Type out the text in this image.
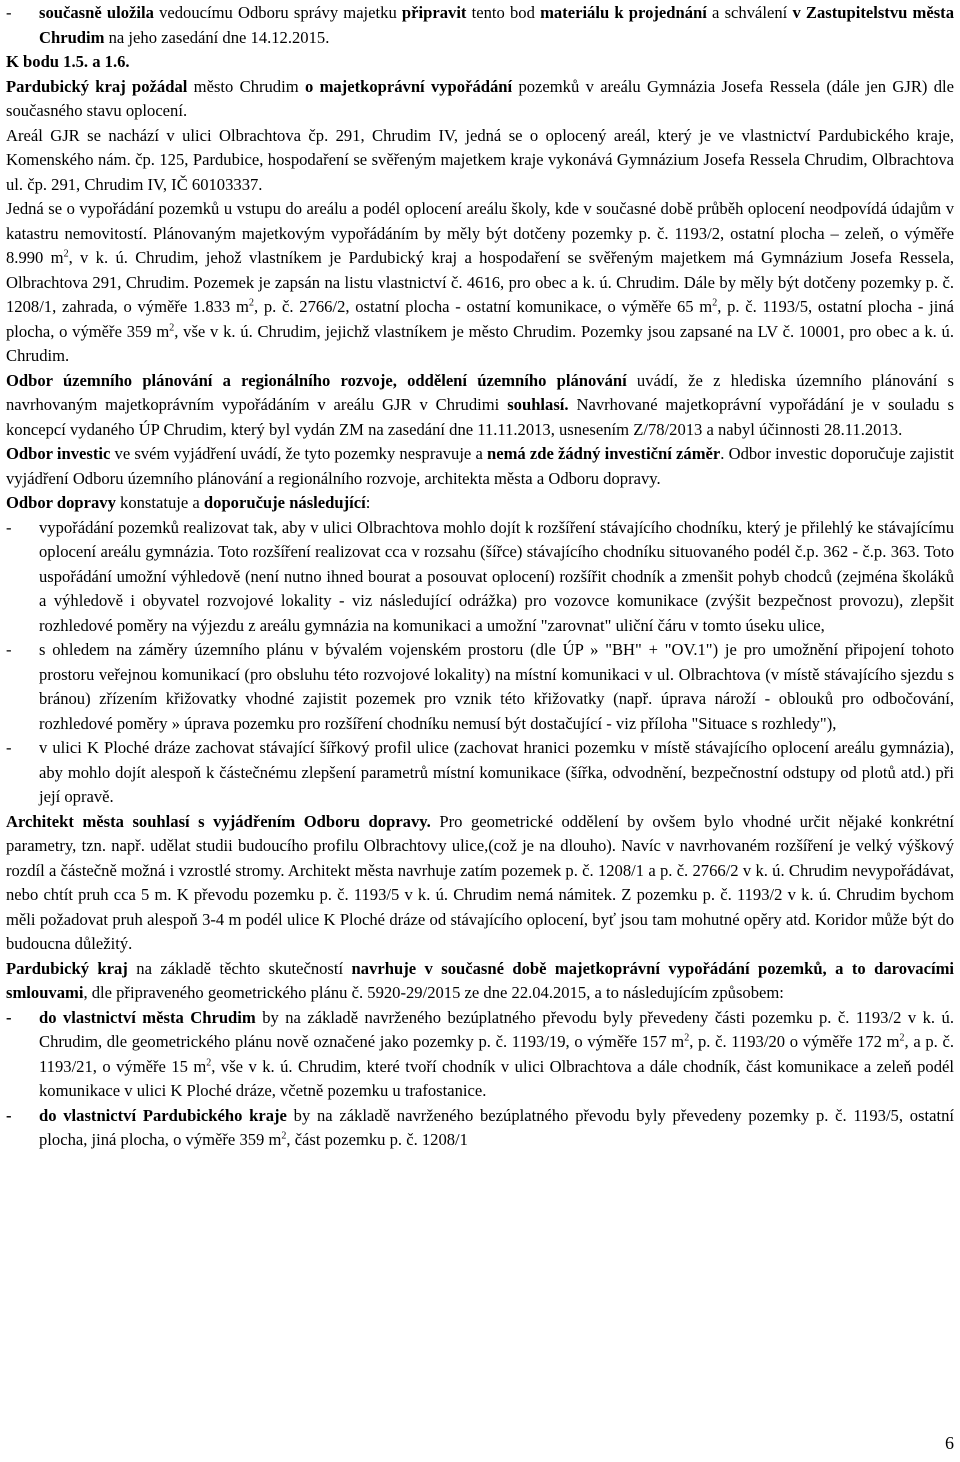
- současně uložila vedoucímu Odboru správy majetku připravit tento bod materiálu k projednání a schválení v Zastupitelstvu města Chrudim na jeho zasedání dne 14.12.2015.

K bodu 1.5. a 1.6.

Pardubický kraj požádal město Chrudim o majetkoprávní vypořádání pozemků v areálu Gymnázia Josefa Ressela (dále jen GJR) dle současného stavu oplocení.

Areál GJR se nachází v ulici Olbrachtova čp. 291, Chrudim IV, jedná se o oplocený areál, který je ve vlastnictví Pardubického kraje, Komenského nám. čp. 125, Pardubice, hospodaření se svěřeným majetkem kraje vykonává Gymnázium Josefa Ressela Chrudim, Olbrachtova ul. čp. 291, Chrudim IV, IČ 60103337.

Jedná se o vypořádání pozemků u vstupu do areálu a podél oplocení areálu školy, kde v současné době průběh oplocení neodpovídá údajům v katastru nemovitostí. Plánovaným majetkovým vypořádáním by měly být dotčeny pozemky p. č. 1193/2, ostatní plocha – zeleň, o výměře 8.990 $m^2$, v k. ú. Chrudim, jehož vlastníkem je Pardubický kraj a hospodaření se svěřeným majetkem má Gymnázium Josefa Ressela, Olbrachtova 291, Chrudim. Pozemek je zapsán na listu vlastnictví č. 4616, pro obec a k. ú. Chrudim. Dále by měly být dotčeny pozemky p. č. 1208/1, zahrada, o výměře 1.833 $m^2$, p. č. 2766/2, ostatní plocha - ostatní komunikace, o výměře 65 $m^2$, p. č. 1193/5, ostatní plocha - jiná plocha, o výměře 359 $m^2$, vše v k. ú. Chrudim, jejichž vlastníkem je město Chrudim. Pozemky jsou zapsané na LV č. 10001, pro obec a k. ú. Chrudim.

Odbor územního plánování a regionálního rozvoje, oddělení územního plánování uvádí, že z hlediska územního plánování s navrhovaným majetkoprávním vypořádáním v areálu GJR v Chrudimi souhlasí. Navrhované majetkoprávní vypořádání je v souladu s koncepcí vydaného ÚP Chrudim, který byl vydán ZM na zasedání dne 11.11.2013, usnesením Z/78/2013 a nabyl účinnosti 28.11.2013.

Odbor investic ve svém vyjádření uvádí, že tyto pozemky nespravuje a nemá zde žádný investiční záměr. Odbor investic doporučuje zajistit vyjádření Odboru územního plánování a regionálního rozvoje, architekta města a Odboru dopravy.

Odbor dopravy konstatuje a doporučuje následující:

- vypořádání pozemků realizovat tak, aby v ulici Olbrachtova mohlo dojít k rozšíření stávajícího chodníku, který je přilehlý ke stávajícímu oplocení areálu gymnázia. Toto rozšíření realizovat cca v rozsahu (šířce) stávajícího chodníku situovaného podél č.p. 362 - č.p. 363. Toto uspořádání umožní výhledově (není nutno ihned bourat a posouvat oplocení) rozšířit chodník a zmenšit pohyb chodců (zejména školáků a výhledově i obyvatel rozvojové lokality - viz následující odrážka) pro vozovce komunikace (zvýšit bezpečnost provozu), zlepšit rozhledové poměry na výjezdu z areálu gymnázia na komunikaci a umožní "zarovnat" uliční čáru v tomto úseku ulice,

- s ohledem na záměry územního plánu v bývalém vojenském prostoru (dle ÚP » "BH" + "OV.1") je pro umožnění připojení tohoto prostoru veřejnou komunikací (pro obsluhu této rozvojové lokality) na místní komunikaci v ul. Olbrachtova (v místě stávajícího sjezdu s bránou) zřízením křižovatky vhodné zajistit pozemek pro vznik této křižovatky (např. úprava nároží - oblouků pro odbočování, rozhledové poměry » úprava pozemku pro rozšíření chodníku nemusí být dostačující - viz příloha "Situace s rozhledy"),

- v ulici K Ploché dráze zachovat stávající šířkový profil ulice (zachovat hranici pozemku v místě stávajícího oplocení areálu gymnázia), aby mohlo dojít alespoň k částečnému zlepšení parametrů místní komunikace (šířka, odvodnění, bezpečnostní odstupy od plotů atd.) při její opravě.

Architekt města souhlasí s vyjádřením Odboru dopravy. Pro geometrické oddělení by ovšem bylo vhodné určit nějaké konkrétní parametry, tzn. např. udělat studii budoucího profilu Olbrachtovy ulice,(což je na dlouho). Navíc v navrhovaném rozšíření je velký výškový rozdíl a částečně možná i vzrostlé stromy. Architekt města navrhuje zatím pozemek p. č. 1208/1 a p. č. 2766/2 v k. ú. Chrudim nevypořádávat, nebo chtít pruh cca 5 m. K převodu pozemku p. č. 1193/5 v k. ú. Chrudim nemá námitek. Z pozemku p. č. 1193/2 v k. ú. Chrudim bychom měli požadovat pruh alespoň 3-4 m podél ulice K Ploché dráze od stávajícího oplocení, byť jsou tam mohutné opěry atd. Koridor může být do budoucna důležitý.

Pardubický kraj na základě těchto skutečností navrhuje v současné době majetkoprávní vypořádání pozemků, a to darovacími smlouvami, dle připraveného geometrického plánu č. 5920-29/2015 ze dne 22.04.2015, a to následujícím způsobem:

- do vlastnictví města Chrudim by na základě navrženého bezúplatného převodu byly převedeny části pozemku p. č. 1193/2 v k. ú. Chrudim, dle geometrického plánu nově označené jako pozemky p. č. 1193/19, o výměře 157 $m^2$, p. č. 1193/20 o výměře 172 $m^2$, a p. č. 1193/21, o výměře 15 $m^2$, vše v k. ú. Chrudim, které tvoří chodník v ulici Olbrachtova a dále chodník, část komunikace a zeleň podél komunikace v ulici K Ploché dráze, včetně pozemku u trafostanice.

- do vlastnictví Pardubického kraje by na základě navrženého bezúplatného převodu byly převedeny pozemky p. č. 1193/5, ostatní plocha, jiná plocha, o výměře 359 $m^2$, část pozemku p. č. 1208/1

6
